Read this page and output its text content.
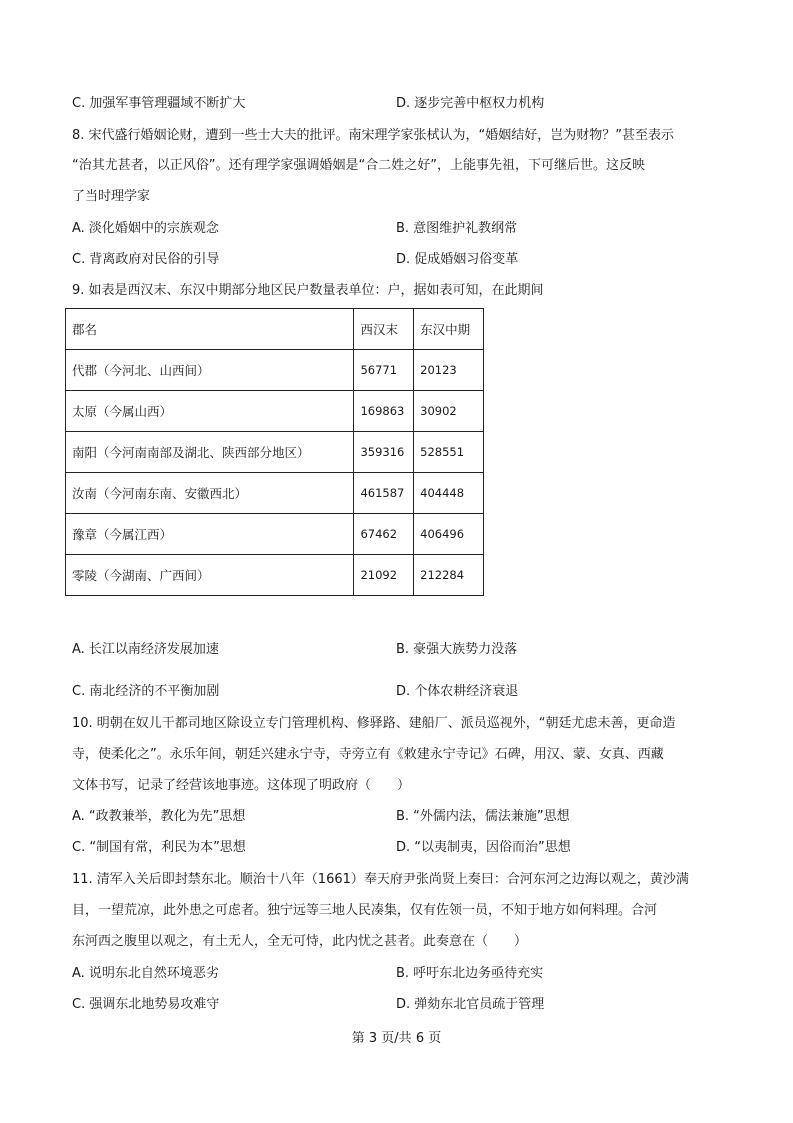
C. 加强军事管理疆域不断扩大	D. 逐步完善中枢权力机构
8. 宋代盛行婚姻论财，遭到一些士大夫的批评。南宋理学家张栻认为，“婚姻结好，岂为财物？”甚至表示
“治其尤甚者，以正风俗”。还有理学家强调婚姻是“合二姓之好”，上能事先祖，下可继后世。这反映
了当时理学家
A. 淡化婚姻中的宗族观念	B. 意图维护礼教纲常
C. 背离政府对民俗的引导	D. 促成婚姻习俗变革
9. 如表是西汉末、东汉中期部分地区民户数量表单位：户，据如表可知，在此期间
郡名	西汉末	东汉中期
代郡（今河北、山西间）	56771	20123
太原（今属山西）	169863	30902
南阳（今河南南部及湖北、陕西部分地区）	359316	528551
汝南（今河南东南、安徽西北）	461587	404448
豫章（今属江西）	67462	406496
零陵（今湖南、广西间）	21092	212284
A. 长江以南经济发展加速	B. 豪强大族势力没落
C. 南北经济的不平衡加剧	D. 个体农耕经济衰退
10. 明朝在奴儿干都司地区除设立专门管理机构、修驿路、建船厂、派员巡视外，“朝廷尤虑未善，更命造
寺，使柔化之”。永乐年间，朝廷兴建永宁寺，寺旁立有《敕建永宁寺记》石碑，用汉、蒙、女真、西藏
文体书写，记录了经营该地事迹。这体现了明政府（　　）
A. “政教兼举，教化为先”思想	B. “外儒内法，儒法兼施”思想
C. “制国有常，利民为本”思想	D. “以夷制夷，因俗而治”思想
11. 清军入关后即封禁东北。顺治十八年（1661）奉天府尹张尚贤上奏曰：合河东河之边海以观之，黄沙满
目，一望荒凉，此外患之可虑者。独宁远等三地人民凑集，仅有佐领一员，不知于地方如何料理。合河
东河西之腹里以观之，有土无人，全无可恃，此内忧之甚者。此奏意在（　　）
A. 说明东北自然环境恶劣	B. 呼吁东北边务亟待充实
C. 强调东北地势易攻难守	D. 弹劾东北官员疏于管理
第 3 页/共 6 页
